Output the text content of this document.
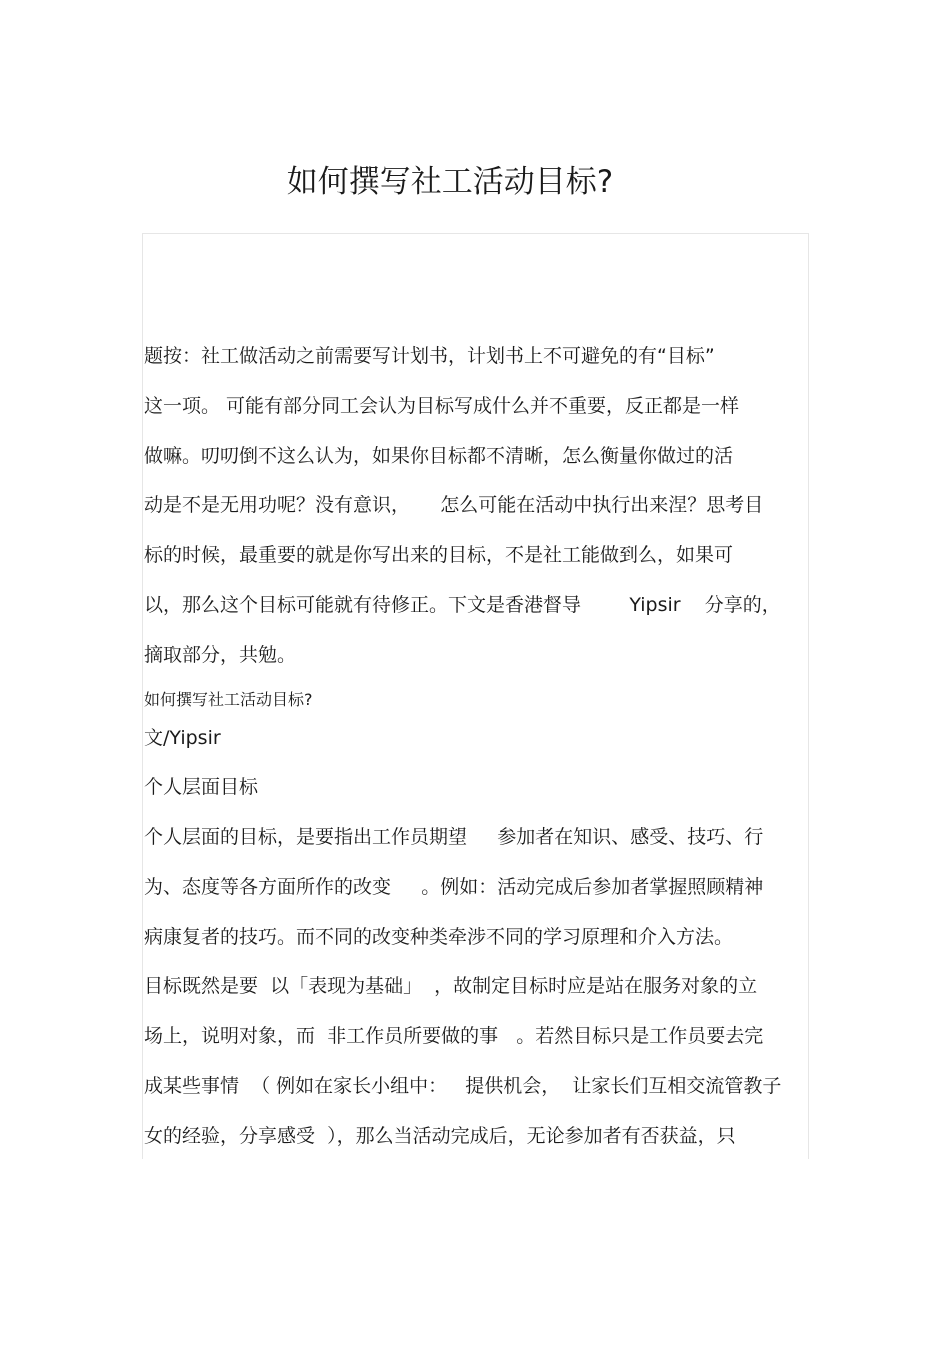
如何撰写社工活动目标?
题按：社工做活动之前需要写计划书，计划书上不可避免的有“目标”
这一项。 可能有部分同工会认为目标写成什么并不重要，反正都是一样
做嘛。叨叨倒不这么认为，如果你目标都不清晰，怎么衡量你做过的活
动是不是无用功呢？没有意识，     怎么可能在活动中执行出来涅？思考目
标的时候，最重要的就是你写出来的目标，不是社工能做到么，如果可
以，那么这个目标可能就有待修正。下文是香港督导        Yipsir    分享的，
摘取部分，共勉。
如何撰写社工活动目标?
文/Yipsir
个人层面目标
个人层面的目标，是要指出工作员期望     参加者在知识、感受、技巧、行
为、态度等各方面所作的改变     。例如：活动完成后参加者掌握照顾精神
病康复者的技巧。而不同的改变种类牵涉不同的学习原理和介入方法。
目标既然是要  以「表现为基础」  ，故制定目标时应是站在服务对象的立
场上，说明对象，而  非工作员所要做的事   。若然目标只是工作员要去完
成某些事情  （ 例如在家长小组中：   提供机会，  让家长们互相交流管教子
女的经验，分享感受  ），那么当活动完成后，无论参加者有否获益，只
